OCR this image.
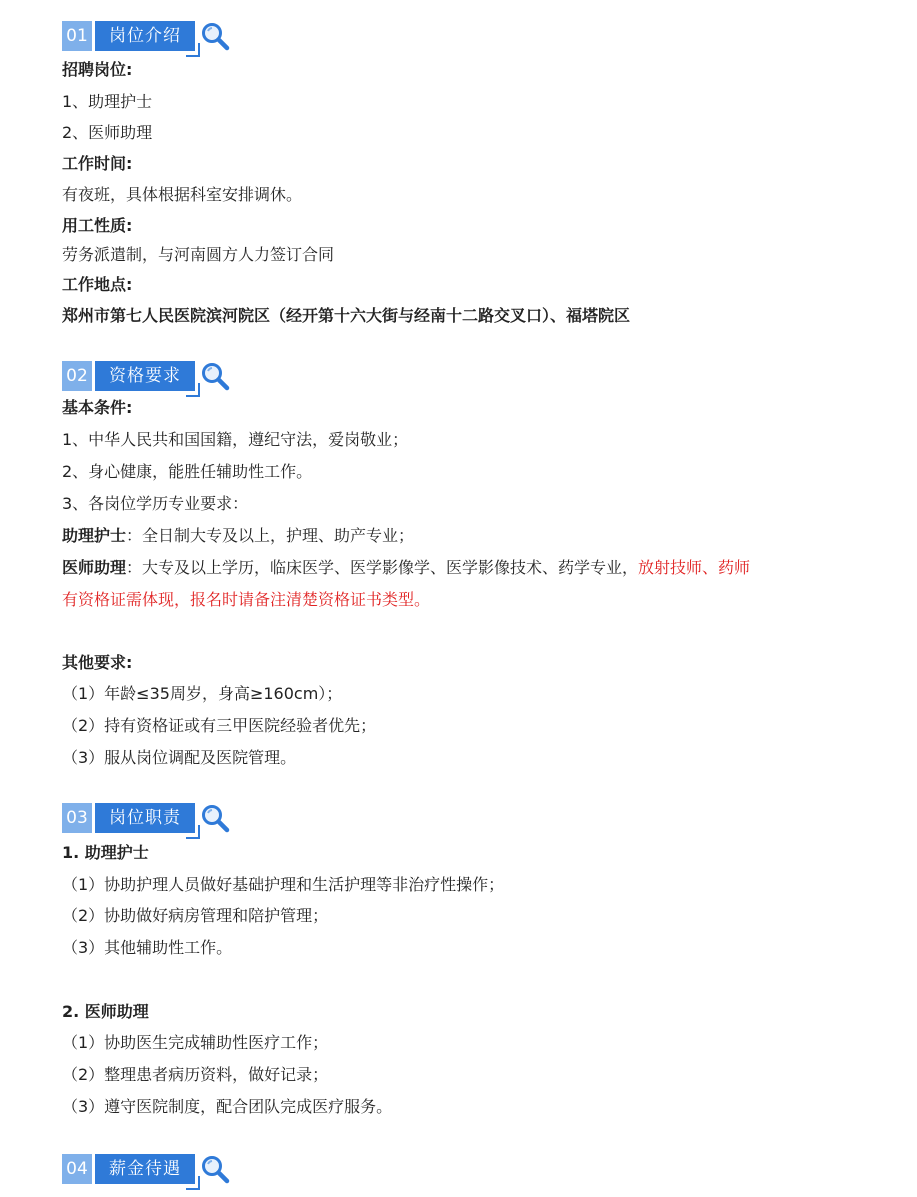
01	岗位介绍
招聘岗位:
1、助理护士
2、医师助理
工作时间:
有夜班，具体根据科室安排调休。
用工性质:
劳务派遣制，与河南圆方人力签订合同
工作地点:
郑州市第七人民医院滨河院区（经开第十六大街与经南十二路交叉口）、福塔院区
02	资格要求
基本条件:
1、中华人民共和国国籍，遵纪守法，爱岗敬业；
2、身心健康，能胜任辅助性工作。
3、各岗位学历专业要求：
助理护士：全日制大专及以上，护理、助产专业；
医师助理：大专及以上学历，临床医学、医学影像学、医学影像技术、药学专业，放射技师、药师
有资格证需体现，报名时请备注清楚资格证书类型。
其他要求:
（1）年龄≤35周岁，身高≥160cm）；
（2）持有资格证或有三甲医院经验者优先；
（3）服从岗位调配及医院管理。
03	岗位职责
1. 助理护士
（1）协助护理人员做好基础护理和生活护理等非治疗性操作；
（2）协助做好病房管理和陪护管理；
（3）其他辅助性工作。
2. 医师助理
（1）协助医生完成辅助性医疗工作；
（2）整理患者病历资料，做好记录；
（3）遵守医院制度，配合团队完成医疗服务。
04	薪金待遇
